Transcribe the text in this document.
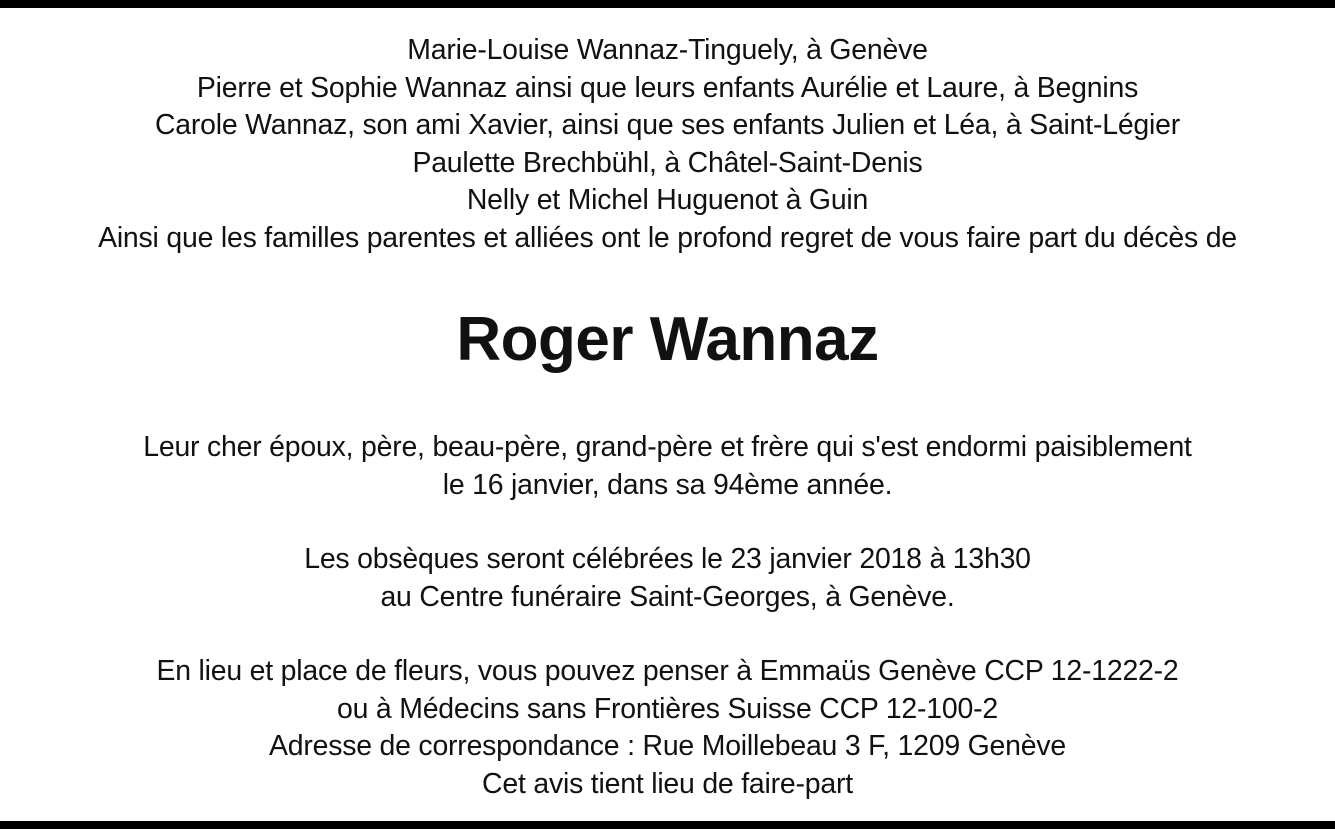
Marie-Louise Wannaz-Tinguely, à Genève
Pierre et Sophie Wannaz ainsi que leurs enfants Aurélie et Laure, à Begnins
Carole Wannaz, son ami Xavier, ainsi que ses enfants Julien et Léa, à Saint-Légier
Paulette Brechbühl, à Châtel-Saint-Denis
Nelly et Michel Huguenot à Guin
Ainsi que les familles parentes et alliées ont le profond regret de vous faire part du décès de
Roger Wannaz
Leur cher époux, père, beau-père, grand-père et frère qui s'est endormi paisiblement
le 16 janvier, dans sa 94ème année.
Les obsèques seront célébrées le 23 janvier 2018 à 13h30
au Centre funéraire Saint-Georges, à Genève.
En lieu et place de fleurs, vous pouvez penser à Emmaüs Genève CCP 12-1222-2
ou à Médecins sans Frontières Suisse CCP 12-100-2
Adresse de correspondance : Rue Moillebeau 3 F, 1209 Genève
Cet avis tient lieu de faire-part
